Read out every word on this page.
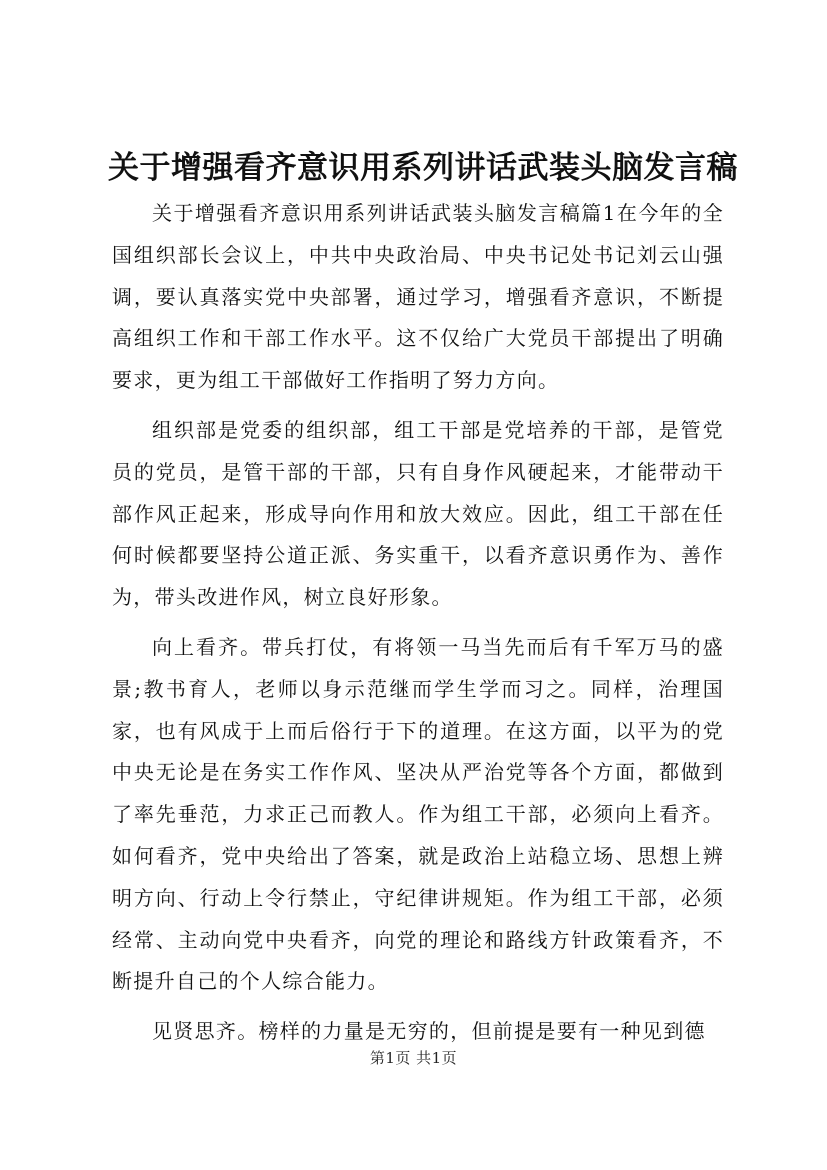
关于增强看齐意识用系列讲话武装头脑发言稿

关于增强看齐意识用系列讲话武装头脑发言稿篇1在今年的全国组织部长会议上，中共中央政治局、中央书记处书记刘云山强调，要认真落实党中央部署，通过学习，增强看齐意识，不断提高组织工作和干部工作水平。这不仅给广大党员干部提出了明确要求，更为组工干部做好工作指明了努力方向。

组织部是党委的组织部，组工干部是党培养的干部，是管党员的党员，是管干部的干部，只有自身作风硬起来，才能带动干部作风正起来，形成导向作用和放大效应。因此，组工干部在任何时候都要坚持公道正派、务实重干，以看齐意识勇作为、善作为，带头改进作风，树立良好形象。

向上看齐。带兵打仗，有将领一马当先而后有千军万马的盛景;教书育人，老师以身示范继而学生学而习之。同样，治理国家，也有风成于上而后俗行于下的道理。在这方面，以平为的党中央无论是在务实工作作风、坚决从严治党等各个方面，都做到了率先垂范，力求正己而教人。作为组工干部，必须向上看齐。如何看齐，党中央给出了答案，就是政治上站稳立场、思想上辨明方向、行动上令行禁止，守纪律讲规矩。作为组工干部，必须经常、主动向党中央看齐，向党的理论和路线方针政策看齐，不断提升自己的个人综合能力。

见贤思齐。榜样的力量是无穷的，但前提是要有一种见到德

第1页 共1页
